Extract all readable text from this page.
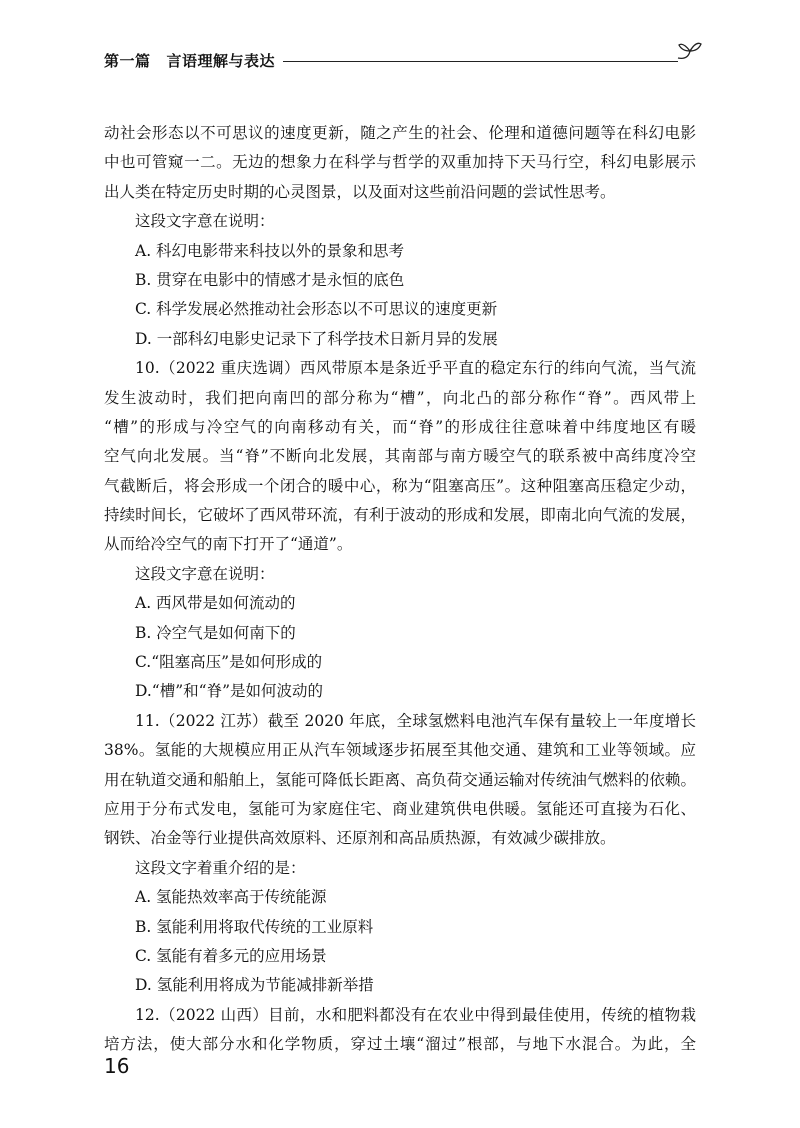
第一篇 言语理解与表达
动社会形态以不可思议的速度更新，随之产生的社会、伦理和道德问题等在科幻电影
中也可管窥一二。无边的想象力在科学与哲学的双重加持下天马行空，科幻电影展示
出人类在特定历史时期的心灵图景，以及面对这些前沿问题的尝试性思考。
这段文字意在说明：
A. 科幻电影带来科技以外的景象和思考
B. 贯穿在电影中的情感才是永恒的底色
C. 科学发展必然推动社会形态以不可思议的速度更新
D. 一部科幻电影史记录下了科学技术日新月异的发展
10.（2022 重庆选调）西风带原本是条近乎平直的稳定东行的纬向气流，当气流
发生波动时，我们把向南凹的部分称为“槽”，向北凸的部分称作“脊”。西风带上
“槽”的形成与冷空气的向南移动有关，而“脊”的形成往往意味着中纬度地区有暖
空气向北发展。当“脊”不断向北发展，其南部与南方暖空气的联系被中高纬度冷空
气截断后，将会形成一个闭合的暖中心，称为“阻塞高压”。这种阻塞高压稳定少动，
持续时间长，它破坏了西风带环流，有利于波动的形成和发展，即南北向气流的发展，
从而给冷空气的南下打开了“通道”。
这段文字意在说明：
A. 西风带是如何流动的
B. 冷空气是如何南下的
C.“阻塞高压”是如何形成的
D.“槽”和“脊”是如何波动的
11.（2022 江苏）截至 2020 年底，全球氢燃料电池汽车保有量较上一年度增长
38%。氢能的大规模应用正从汽车领域逐步拓展至其他交通、建筑和工业等领域。应
用在轨道交通和船舶上，氢能可降低长距离、高负荷交通运输对传统油气燃料的依赖。
应用于分布式发电，氢能可为家庭住宅、商业建筑供电供暖。氢能还可直接为石化、
钢铁、冶金等行业提供高效原料、还原剂和高品质热源，有效减少碳排放。
这段文字着重介绍的是：
A. 氢能热效率高于传统能源
B. 氢能利用将取代传统的工业原料
C. 氢能有着多元的应用场景
D. 氢能利用将成为节能减排新举措
12.（2022 山西）目前，水和肥料都没有在农业中得到最佳使用，传统的植物栽
培方法，使大部分水和化学物质，穿过土壤“溜过”根部，与地下水混合。为此，全
16
